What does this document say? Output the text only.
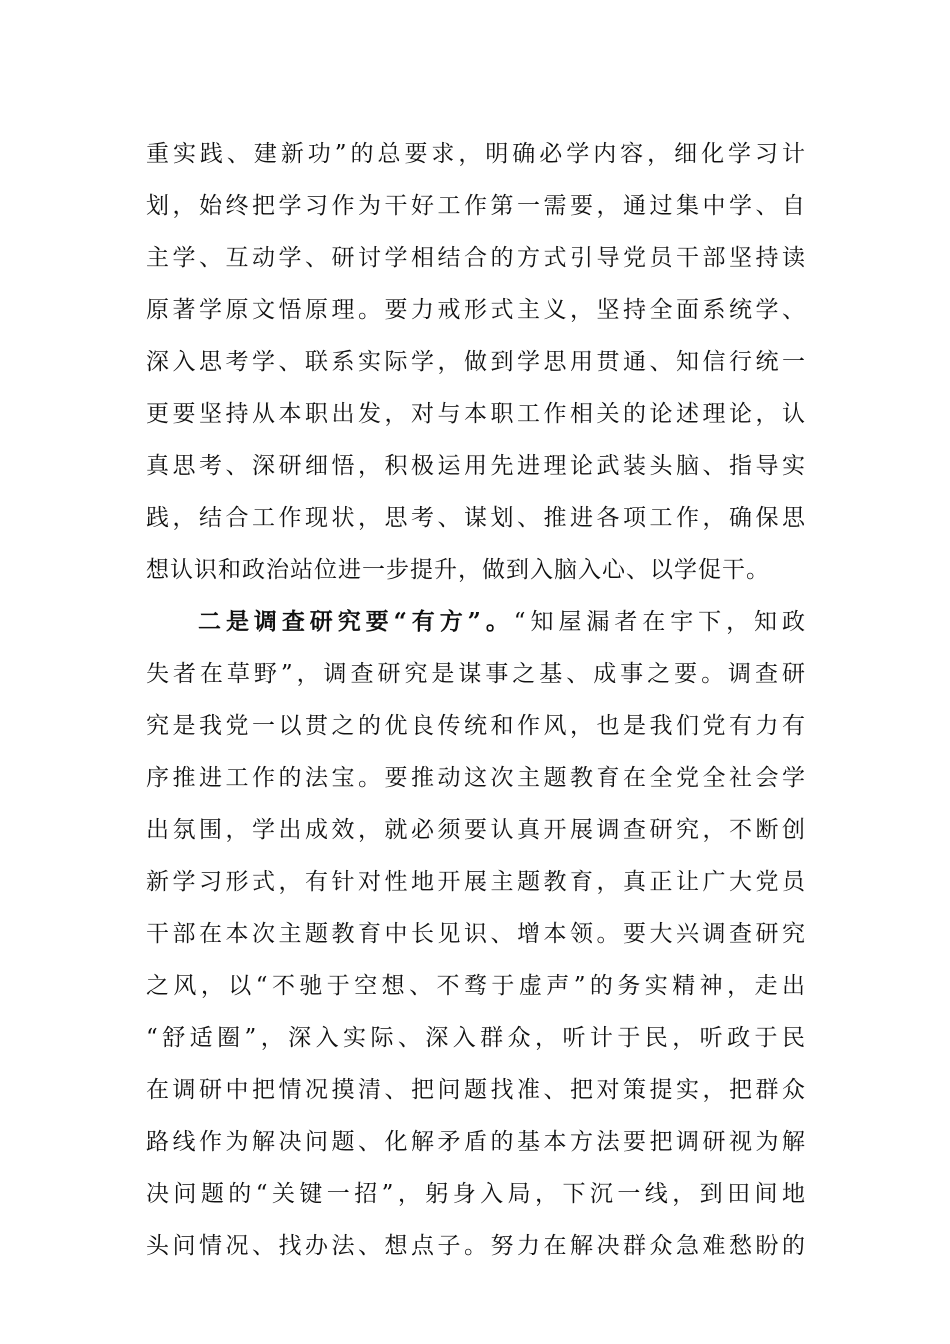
重实践、建新功”的总要求，明确必学内容，细化学习计
划，始终把学习作为干好工作第一需要，通过集中学、自
主学、互动学、研讨学相结合的方式引导党员干部坚持读
原著学原文悟原理。要力戒形式主义，坚持全面系统学、
深入思考学、联系实际学，做到学思用贯通、知信行统一
更要坚持从本职出发，对与本职工作相关的论述理论，认
真思考、深研细悟，积极运用先进理论武装头脑、指导实
践，结合工作现状，思考、谋划、推进各项工作，确保思
想认识和政治站位进一步提升，做到入脑入心、以学促干。
二是调查研究要“有方”。“知屋漏者在宇下，知政
失者在草野”，调查研究是谋事之基、成事之要。调查研
究是我党一以贯之的优良传统和作风，也是我们党有力有
序推进工作的法宝。要推动这次主题教育在全党全社会学
出氛围，学出成效，就必须要认真开展调查研究，不断创
新学习形式，有针对性地开展主题教育，真正让广大党员
干部在本次主题教育中长见识、增本领。要大兴调查研究
之风，以“不驰于空想、不骛于虚声”的务实精神，走出
“舒适圈”，深入实际、深入群众，听计于民，听政于民
在调研中把情况摸清、把问题找准、把对策提实，把群众
路线作为解决问题、化解矛盾的基本方法要把调研视为解
决问题的“关键一招”，躬身入局，下沉一线，到田间地
头问情况、找办法、想点子。努力在解决群众急难愁盼的
